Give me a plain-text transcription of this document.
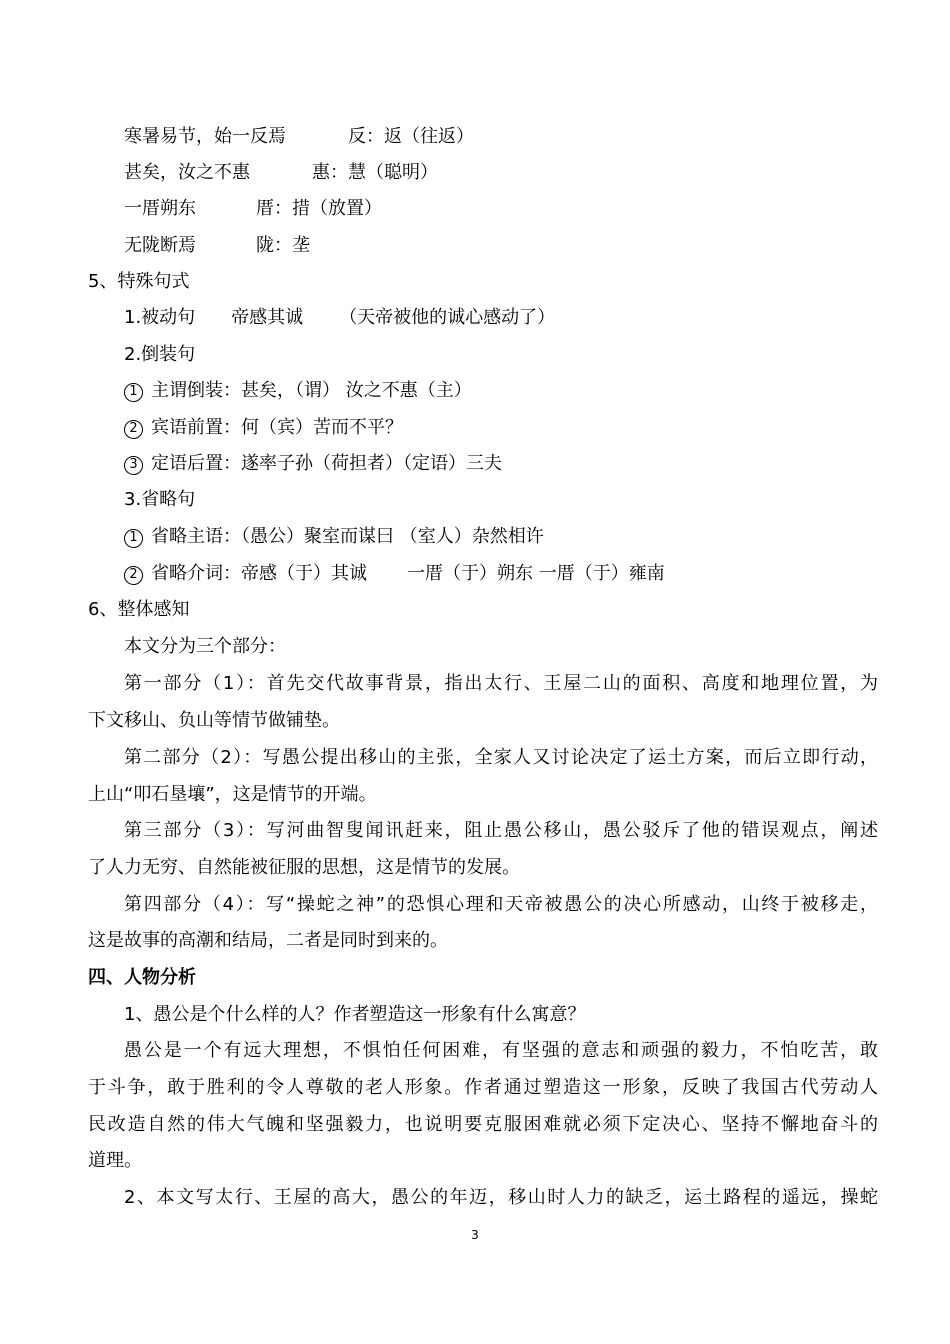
寒暑易节，始一反焉	反：返（往返）
甚矣，汝之不惠	惠：慧（聪明）
一厝朔东	厝：措（放置）
无陇断焉	陇：垄
5、特殊句式
1.被动句 帝感其诚 （天帝被他的诚心感动了）
2.倒装句
1 主谓倒装：甚矣，（谓） 汝之不惠（主）
2 宾语前置：何（宾）苦而不平？
3 定语后置：遂率子孙（荷担者）（定语）三夫
3.省略句
1 省略主语：（愚公）聚室而谋曰 （室人）杂然相许
2 省略介词：帝感（于）其诚 一厝（于）朔东 一厝（于）雍南
6、整体感知
本文分为三个部分：
第一部分（1）：首先交代故事背景，指出太行、王屋二山的面积、高度和地理位置，为
下文移山、负山等情节做铺垫。
第二部分（2）：写愚公提出移山的主张，全家人又讨论决定了运土方案，而后立即行动，
上山“叩石垦壤”，这是情节的开端。
第三部分（3）：写河曲智叟闻讯赶来，阻止愚公移山，愚公驳斥了他的错误观点，阐述
了人力无穷、自然能被征服的思想，这是情节的发展。
第四部分（4）：写“操蛇之神”的恐惧心理和天帝被愚公的决心所感动，山终于被移走，
这是故事的高潮和结局，二者是同时到来的。
四、人物分析
1、愚公是个什么样的人？作者塑造这一形象有什么寓意？
愚公是一个有远大理想，不惧怕任何困难，有坚强的意志和顽强的毅力，不怕吃苦，敢
于斗争，敢于胜利的令人尊敬的老人形象。作者通过塑造这一形象，反映了我国古代劳动人
民改造自然的伟大气魄和坚强毅力，也说明要克服困难就必须下定决心、坚持不懈地奋斗的
道理。
2、本文写太行、王屋的高大，愚公的年迈，移山时人力的缺乏，运土路程的遥远，操蛇
3
